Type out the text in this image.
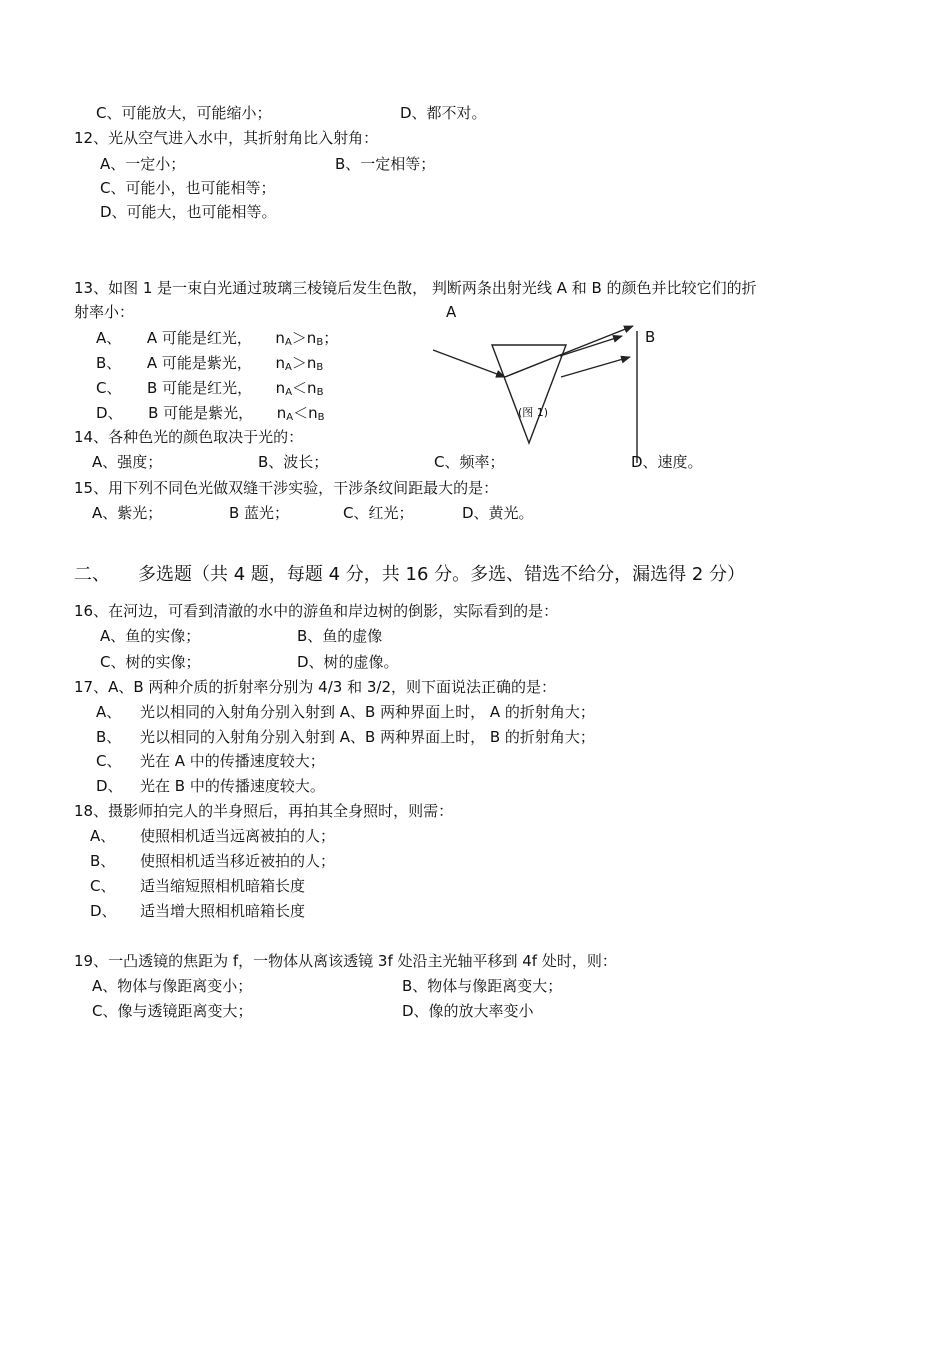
C、可能放大，可能缩小；	D、都不对。
12、光从空气进入水中，其折射角比入射角：
A、一定小；	B、一定相等；
C、可能小，也可能相等；
D、可能大，也可能相等。
13、如图 1 是一束白光通过玻璃三棱镜后发生色散， 判断两条出射光线 A 和 B 的颜色并比较它们的折
射率小：
A、 A 可能是红光， $n_A>n_B$；
B、 A 可能是紫光， $n_A>n_B$
C、 B 可能是红光， $n_A<n_B$
D、 B 可能是紫光， $n_A<n_B$
A
B
(图 1)
14、各种色光的颜色取决于光的：
A、强度；	B、波长；	C、频率；	D、速度。
15、用下列不同色光做双缝干涉实验，干涉条纹间距最大的是：
A、紫光；	B 蓝光；	C、红光；	D、黄光。
二、 多选题（共 4 题，每题 4 分，共 16 分。多选、错选不给分，漏选得 2 分）
16、在河边，可看到清澈的水中的游鱼和岸边树的倒影，实际看到的是：
A、鱼的实像；	B、鱼的虚像
C、树的实像；	D、树的虚像。
17、A、B 两种介质的折射率分别为 4/3 和 3/2，则下面说法正确的是：
A、 光以相同的入射角分别入射到 A、B 两种界面上时， A 的折射角大；
B、 光以相同的入射角分别入射到 A、B 两种界面上时， B 的折射角大；
C、 光在 A 中的传播速度较大；
D、 光在 B 中的传播速度较大。
18、摄影师拍完人的半身照后，再拍其全身照时，则需：
A、 使照相机适当远离被拍的人；
B、 使照相机适当移近被拍的人；
C、 适当缩短照相机暗箱长度
D、 适当增大照相机暗箱长度
19、一凸透镜的焦距为 f，一物体从离该透镜 3f 处沿主光轴平移到 4f 处时，则：
A、物体与像距离变小；	B、物体与像距离变大；
C、像与透镜距离变大；	D、像的放大率变小
